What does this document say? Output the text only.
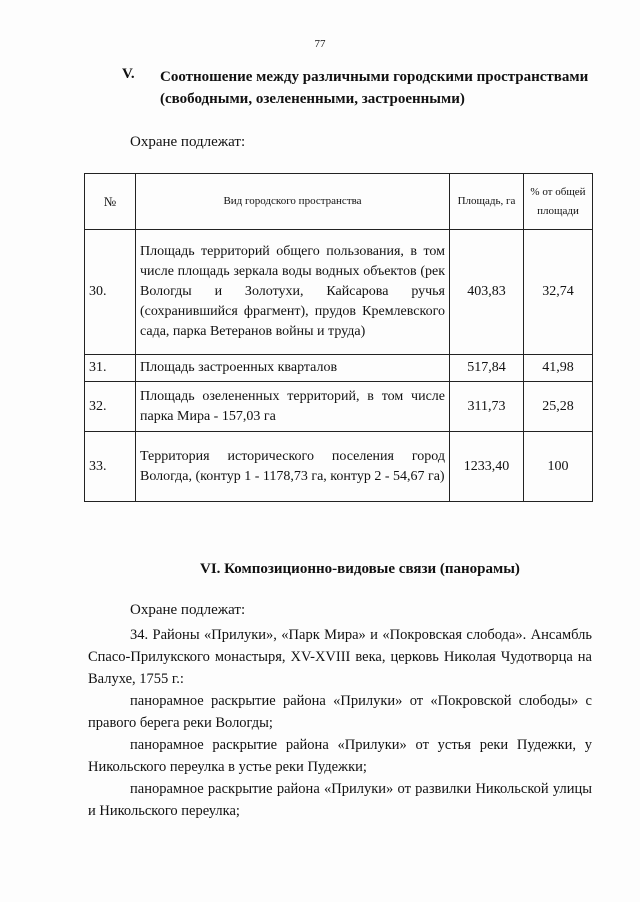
77
V. Соотношение между различными городскими пространствами (свободными, озелененными, застроенными)
Охране подлежат:
№	Вид городского пространства	Площадь, га	% от общей площади
30.	Площадь территорий общего пользования, в том числе площадь зеркала воды водных объектов (рек Вологды и Золотухи, Кайсарова ручья (сохранившийся фрагмент), прудов Кремлевского сада, парка Ветеранов войны и труда)	403,83	32,74
31.	Площадь застроенных кварталов	517,84	41,98
32.	Площадь озелененных территорий, в том числе парка Мира - 157,03 га	311,73	25,28
33.	Территория исторического поселения город Вологда, (контур 1 - 1178,73 га, контур 2 - 54,67 га)	1233,40	100
VI. Композиционно-видовые связи (панорамы)
Охране подлежат:
34. Районы «Прилуки», «Парк Мира» и «Покровская слобода». Ансамбль Спасо-Прилукского монастыря, XV-XVIII века, церковь Николая Чудотворца на Валухе, 1755 г.:
панорамное раскрытие района «Прилуки» от «Покровской слободы» с правого берега реки Вологды;
панорамное раскрытие района «Прилуки» от устья реки Пудежки, у Никольского переулка в устье реки Пудежки;
панорамное раскрытие района «Прилуки» от развилки Никольской улицы и Никольского переулка;
